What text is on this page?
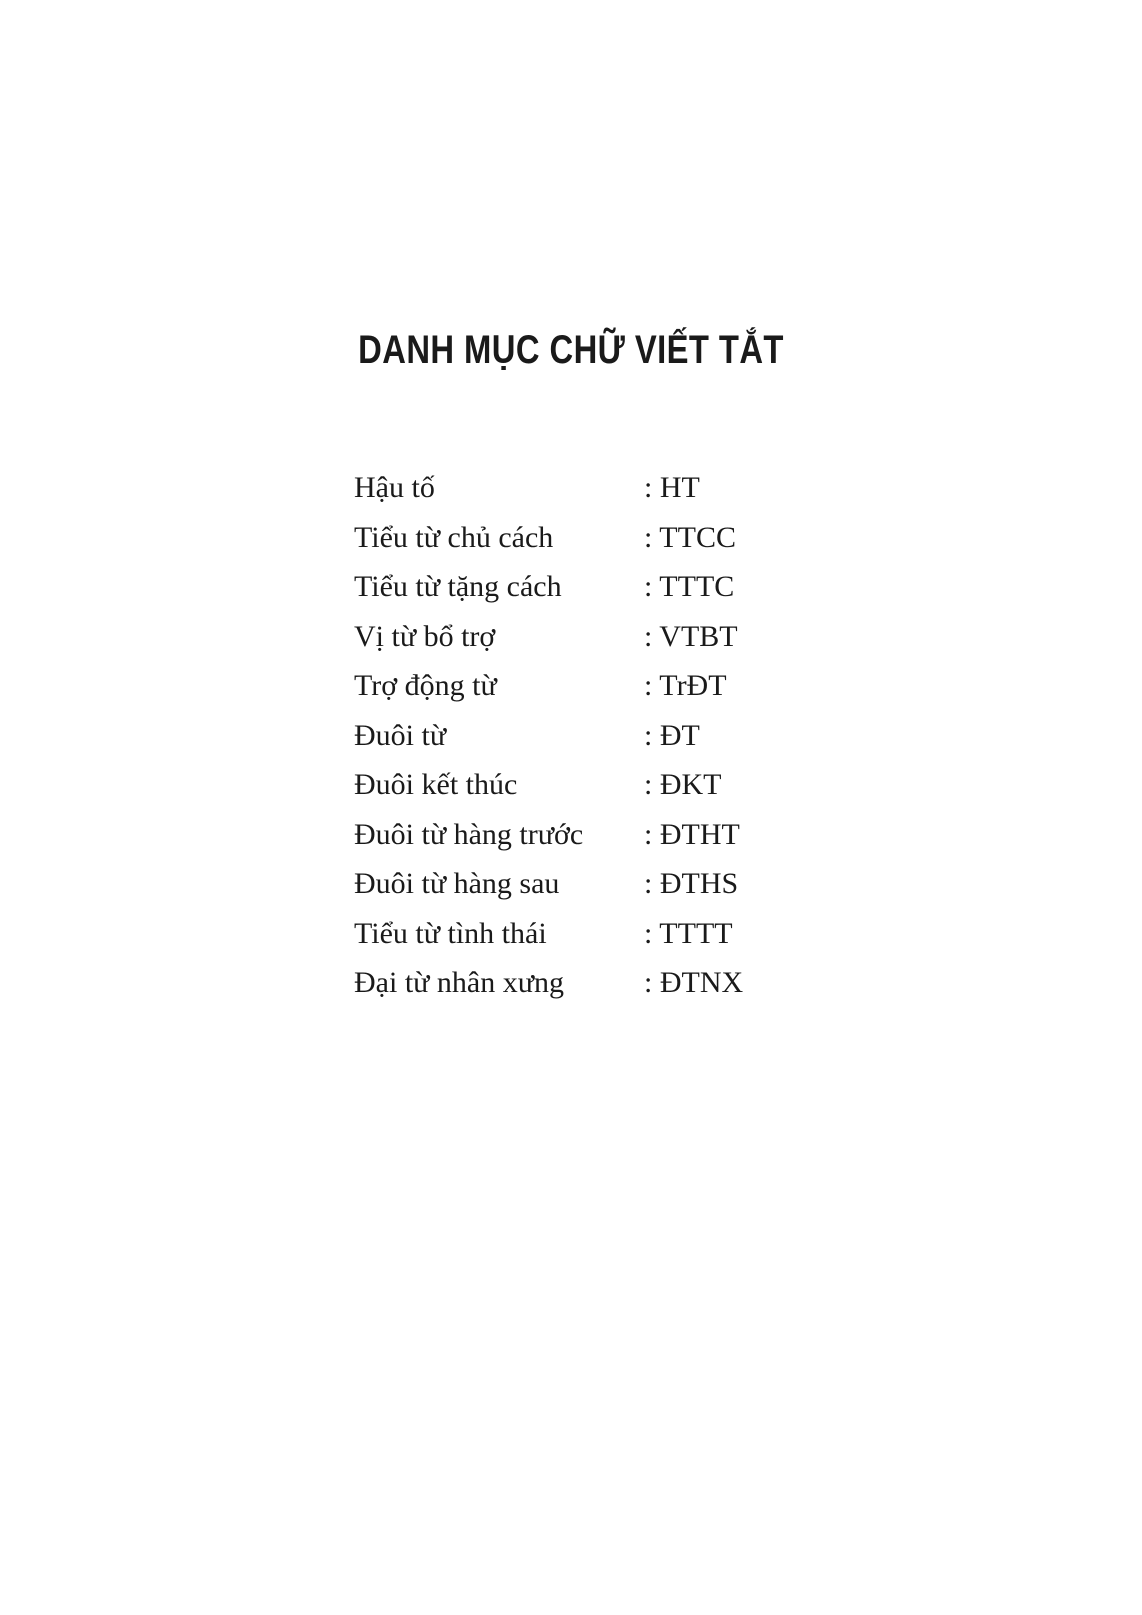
DANH MỤC CHỮ VIẾT TẮT
Hậu tố	: HT
Tiểu từ chủ cách	: TTCC
Tiểu từ tặng cách	: TTTC
Vị từ bổ trợ	: VTBT
Trợ động từ	: TrĐT
Đuôi từ	: ĐT
Đuôi kết thúc	: ĐKT
Đuôi từ hàng trước	: ĐTHT
Đuôi từ hàng sau	: ĐTHS
Tiểu từ tình thái	: TTTT
Đại từ nhân xưng	: ĐTNX
